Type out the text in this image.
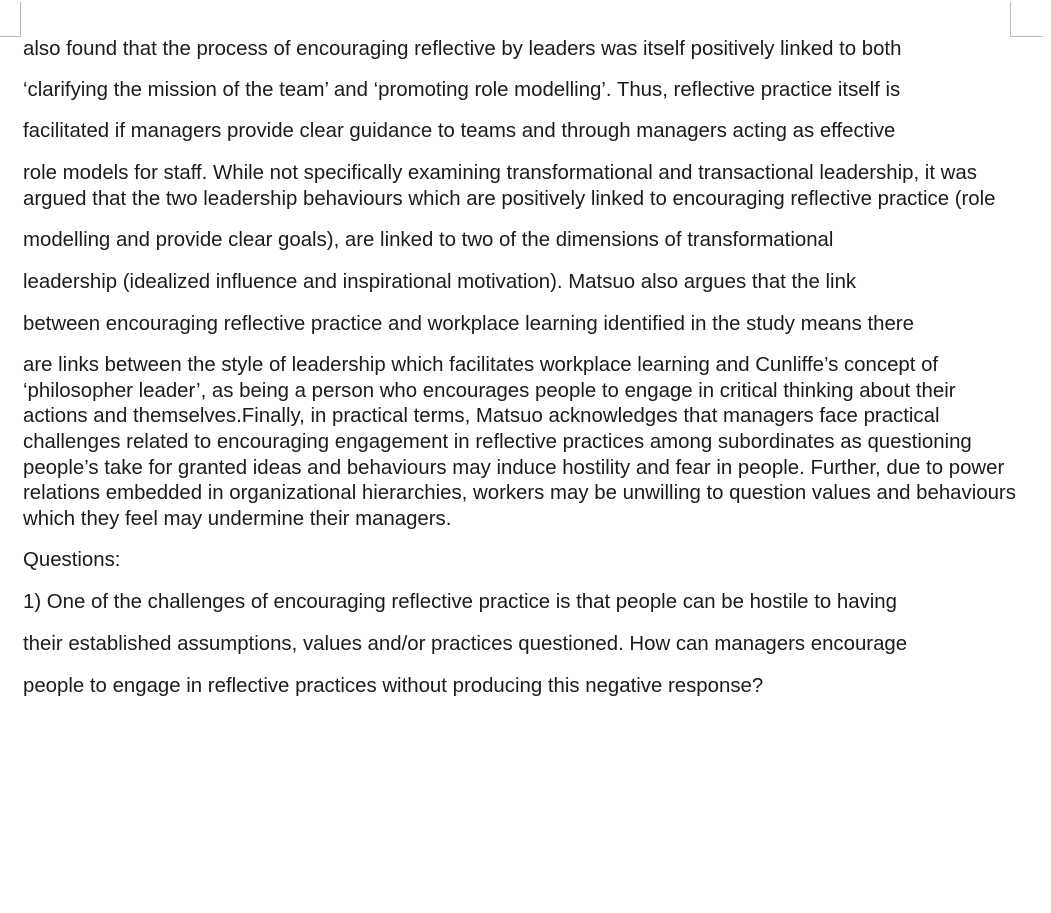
also found that the process of encouraging reflective by leaders was itself positively linked to both

‘clarifying the mission of the team’ and ‘promoting role modelling’. Thus, reflective practice itself is

facilitated if managers provide clear guidance to teams and through managers acting as effective

role models for staff. While not specifically examining transformational and transactional leadership, it was argued that the two leadership behaviours which are positively linked to encouraging reflective practice (role

modelling and provide clear goals), are linked to two of the dimensions of transformational

leadership (idealized influence and inspirational motivation). Matsuo also argues that the link

between encouraging reflective practice and workplace learning identified in the study means there

are links between the style of leadership which facilitates workplace learning and Cunliffe’s concept of ‘philosopher leader’, as being a person who encourages people to engage in critical thinking about their actions and themselves.Finally, in practical terms, Matsuo acknowledges that managers face practical challenges related to encouraging engagement in reflective practices among subordinates as questioning people’s take for granted ideas and behaviours may induce hostility and fear in people. Further, due to power relations embedded in organizational hierarchies, workers may be unwilling to question values and behaviours which they feel may undermine their managers.

Questions:

1) One of the challenges of encouraging reflective practice is that people can be hostile to having

their established assumptions, values and/or practices questioned. How can managers encourage

people to engage in reflective practices without producing this negative response?
